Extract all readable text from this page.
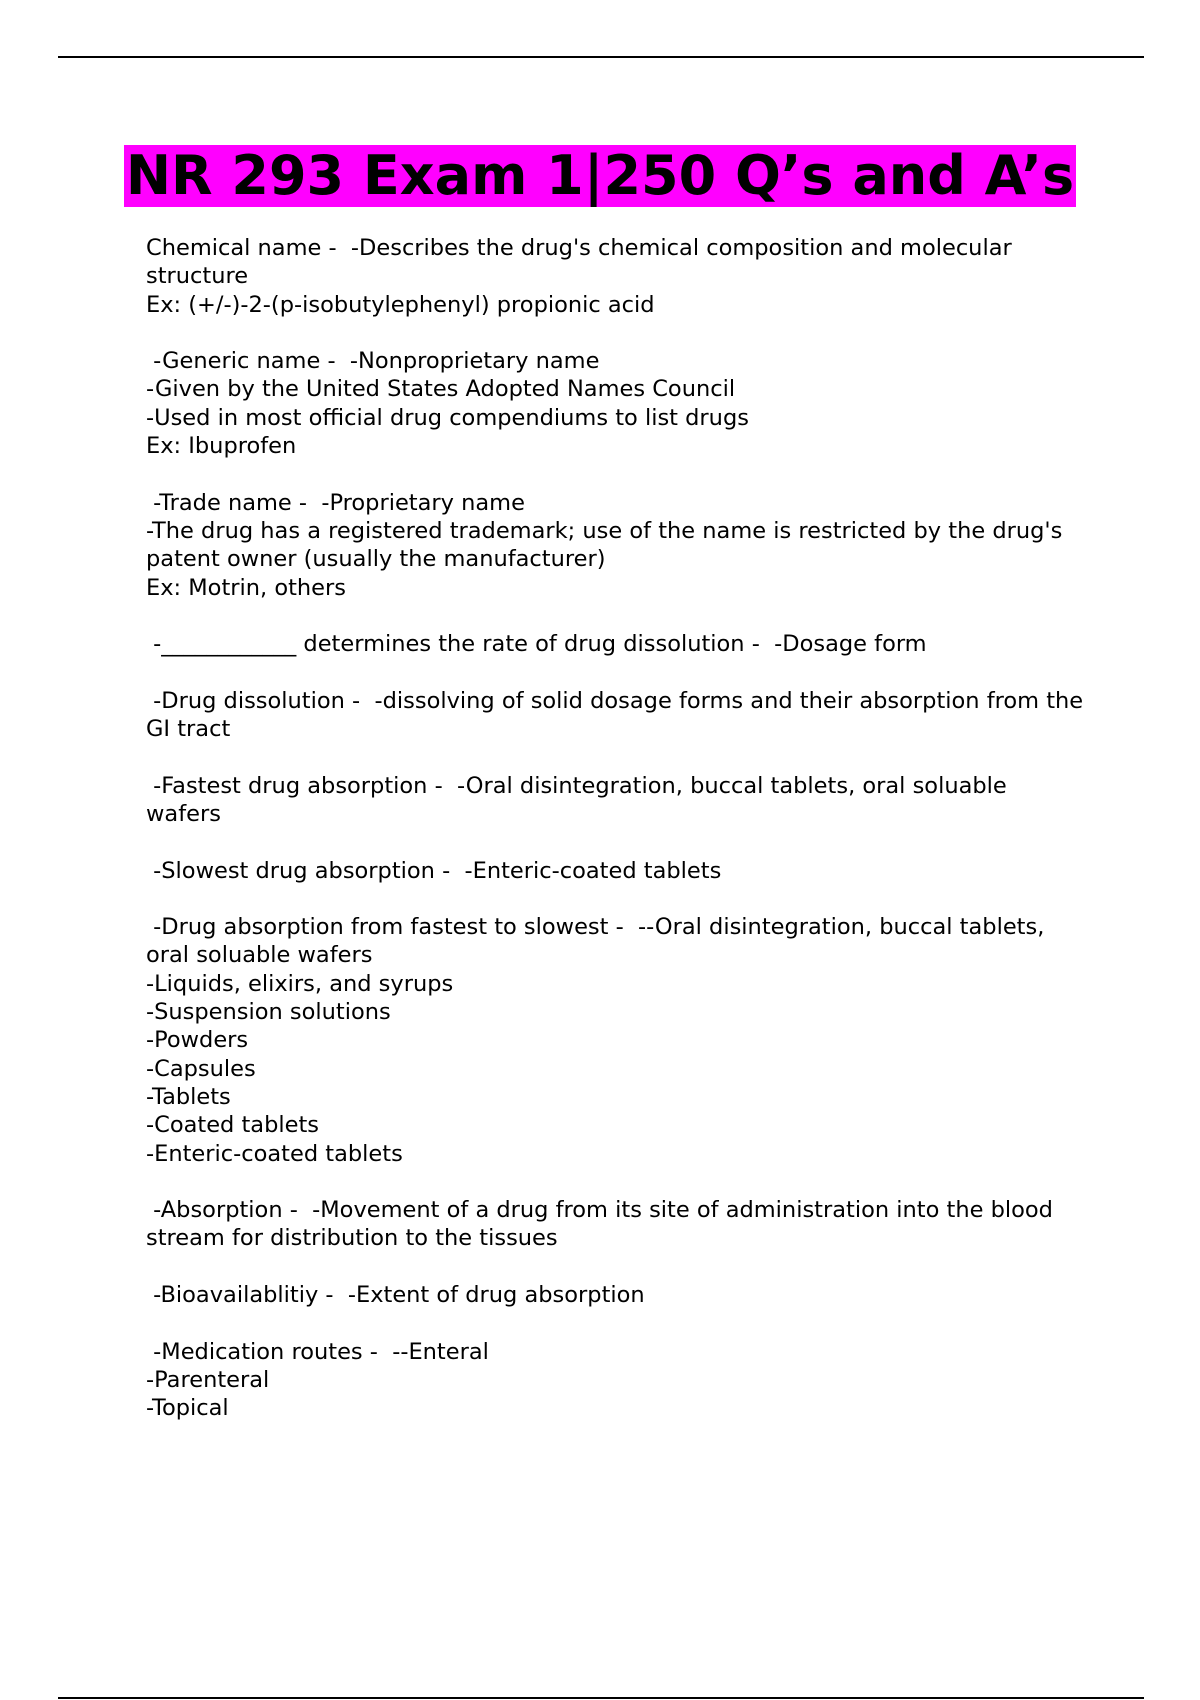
NR 293 Exam 1|250 Q’s and A’s
Chemical name -  -Describes the drug's chemical composition and molecular structure
Ex: (+/-)-2-(p-isobutylephenyl) propionic acid
-Generic name -  -Nonproprietary name
-Given by the United States Adopted Names Council
-Used in most official drug compendiums to list drugs
Ex: Ibuprofen
-Trade name -  -Proprietary name
-The drug has a registered trademark; use of the name is restricted by the drug's patent owner (usually the manufacturer)
Ex: Motrin, others
-____________ determines the rate of drug dissolution -  -Dosage form
-Drug dissolution -  -dissolving of solid dosage forms and their absorption from the GI tract
-Fastest drug absorption -  -Oral disintegration, buccal tablets, oral soluable wafers
-Slowest drug absorption -  -Enteric-coated tablets
-Drug absorption from fastest to slowest -  --Oral disintegration, buccal tablets, oral soluable wafers
-Liquids, elixirs, and syrups
-Suspension solutions
-Powders
-Capsules
-Tablets
-Coated tablets
-Enteric-coated tablets
-Absorption -  -Movement of a drug from its site of administration into the blood stream for distribution to the tissues
-Bioavailablitiy -  -Extent of drug absorption
-Medication routes -  --Enteral
-Parenteral
-Topical
